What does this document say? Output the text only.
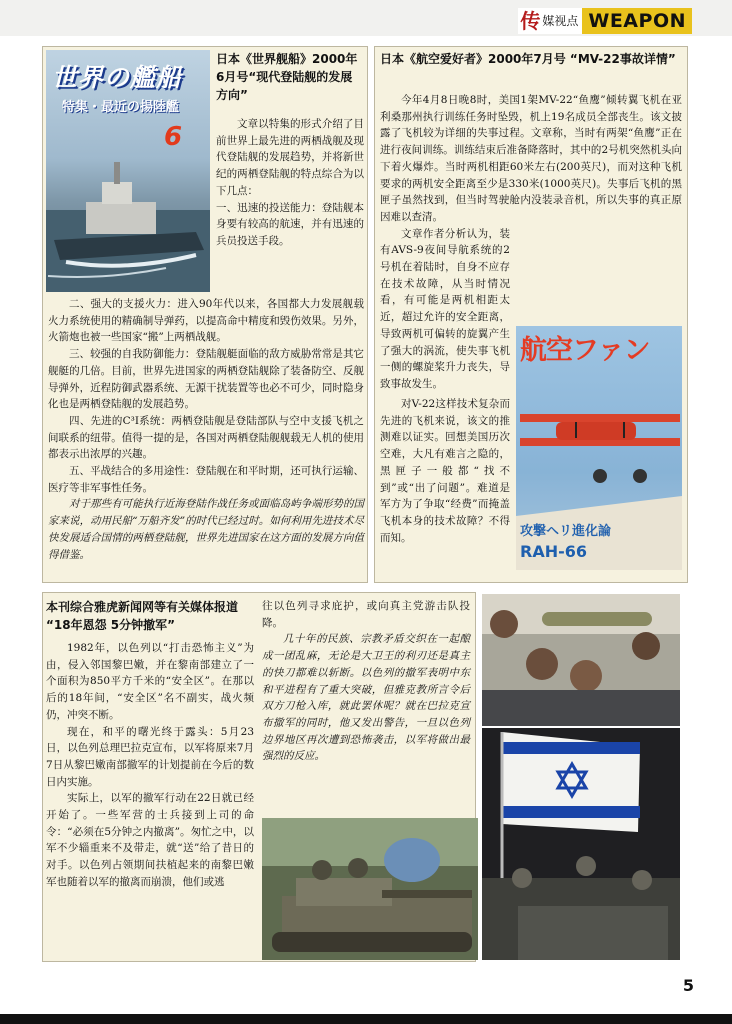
传 媒视点 WEAPON
世界の艦船
特集・最近の揚陸艦
6
日本《世界舰船》2000年6月号“现代登陆舰的发展方向”

文章以特集的形式介绍了目前世界上最先进的两栖战舰及现代登陆舰的发展趋势，并将新世纪的两栖登陆舰的特点综合为以下几点：

一、迅速的投送能力：登陆舰本身要有较高的航速，并有迅速的兵员投送手段。

二、强大的支援火力：进入90年代以来，各国都大力发展舰载火力系统使用的精确制导弹药，以提高命中精度和毁伤效果。另外，火箭炮也被一些国家“搬”上两栖战舰。

三、较强的自我防御能力：登陆舰艇面临的敌方威胁常常是其它舰艇的几倍。目前，世界先进国家的两栖登陆舰除了装备防空、反舰导弹外，近程防御武器系统、无源干扰装置等也必不可少，同时隐身化也是两栖登陆舰的发展趋势。

四、先进的C³I系统：两栖登陆舰是登陆部队与空中支援飞机之间联系的纽带。值得一提的是，各国对两栖登陆舰舰载无人机的使用都表示出浓厚的兴趣。

五、平战结合的多用途性：登陆舰在和平时期，还可执行运输、医疗等非军事性任务。

对于那些有可能执行近海登陆作战任务或面临岛屿争端形势的国家来说，动用民船“万船齐发”的时代已经过时。如何利用先进技术尽快发展适合国情的两栖登陆舰，世界先进国家在这方面的发展方向值得借鉴。

日本《航空爱好者》2000年7月号 “MV-22事故详情”

今年4月8日晚8时，美国1架MV-22“鱼鹰”倾转翼飞机在亚利桑那州执行训练任务时坠毁，机上19名成员全部丧生。该文披露了飞机较为详细的失事过程。文章称，当时有两架“鱼鹰”正在进行夜间训练。训练结束后准备降落时，其中的2号机突然机头向下着火爆炸。当时两机相距60米左右(200英尺)，而对这种飞机要求的两机安全距离至少是330米(1000英尺)。失事后飞机的黑匣子虽然找到，但当时驾驶舱内没装录音机，所以失事的真正原因难以查清。

文章作者分析认为，装有AVS-9夜间导航系统的2号机在着陆时，自身不应存在技术故障，从当时情况看，有可能是两机相距太近，超过允许的安全距离，导致两机可偏转的旋翼产生了强大的涡流，使失事飞机一侧的螺旋桨升力丧失，导致事故发生。

对V-22这样技术复杂而先进的飞机来说，该文的推测难以证实。回想美国历次空难，大凡有难言之隐的，黑匣子一般都“找不到”或“出了问题”。难道是军方为了争取“经费”而掩盖飞机本身的技术故障？不得而知。

航空ファン
攻撃ヘリ進化論
RAH-66
本刊综合雅虎新闻网等有关媒体报道 “18年恩怨 5分钟撤军”

1982年，以色列以“打击恐怖主义”为由，侵入邻国黎巴嫩，并在黎南部建立了一个面积为850平方千米的“安全区”。在那以后的18年间，“安全区”名不副实，战火频仍，冲突不断。

现在，和平的曙光终于露头：5月23日，以色列总理巴拉克宣布，以军将原来7月7日从黎巴嫩南部撤军的计划提前在今后的数日内实施。

实际上，以军的撤军行动在22日就已经开始了。一些军营的士兵接到上司的命令：“必须在5分钟之内撤离”。匆忙之中，以军不少辎重来不及带走，就“送”给了昔日的对手。以色列占领期间扶植起来的南黎巴嫩军也随着以军的撤离而崩溃，他们或逃

往以色列寻求庇护，或向真主党游击队投降。

几十年的民族、宗教矛盾交织在一起酿成一团乱麻，无论是大卫王的利刃还是真主的快刀都难以斩断。以色列的撤军表明中东和平进程有了重大突破，但雅克教所言令后双方刀枪入库，就此罢休呢？就在巴拉克宣布撤军的同时，他又发出警告，一旦以色列边界地区再次遭到恐怖袭击，以军将做出最强烈的反应。

5
